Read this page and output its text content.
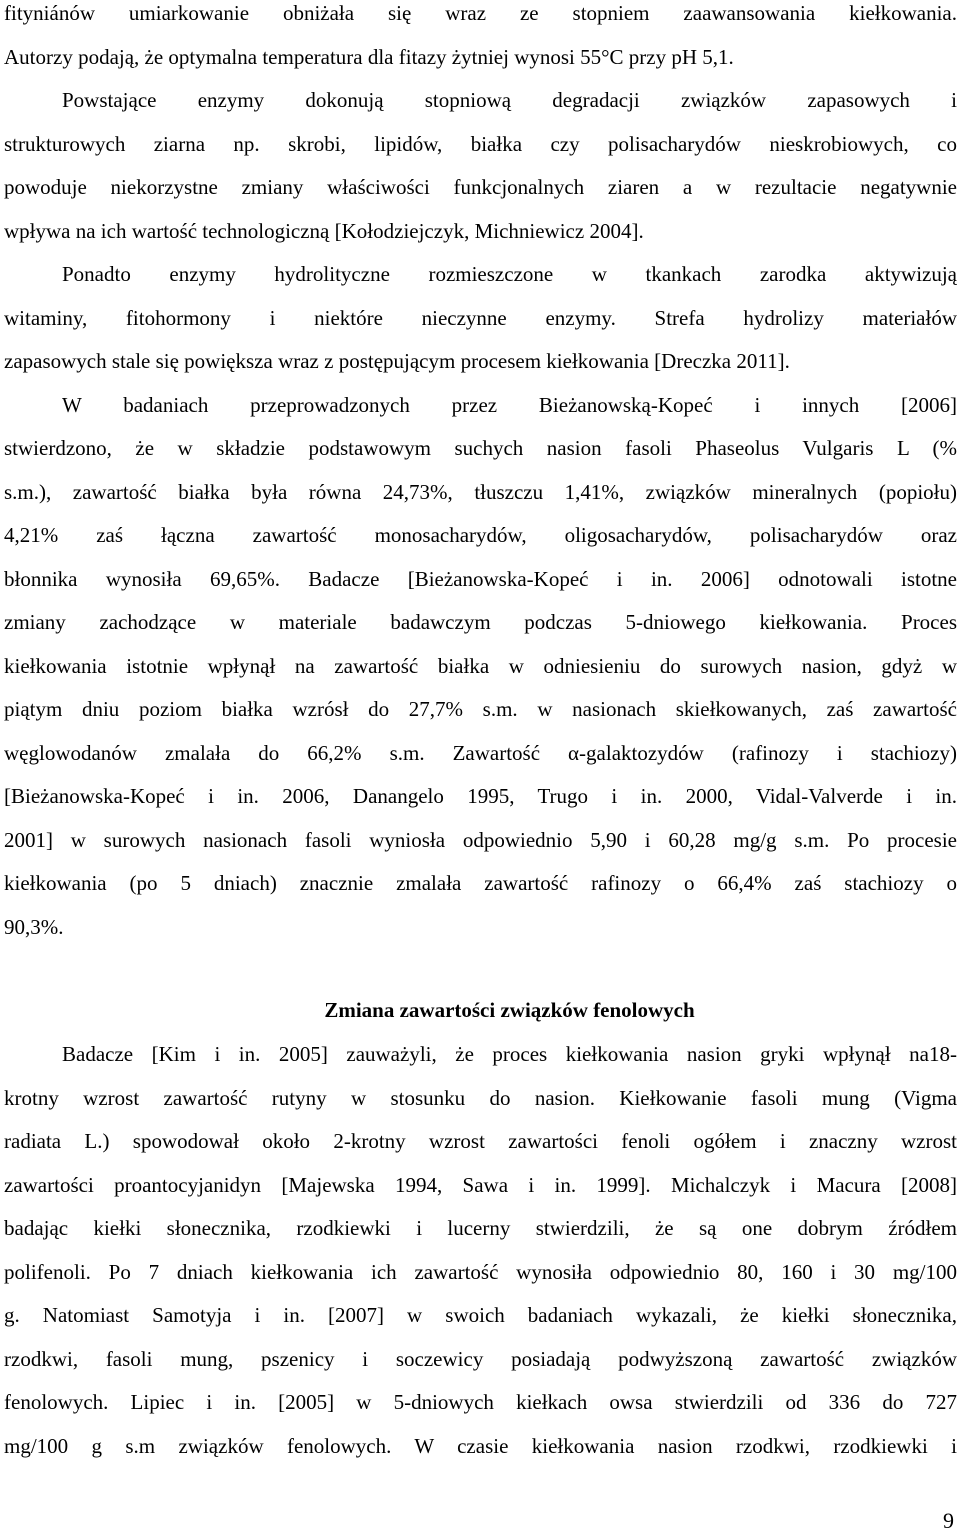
fityniánów umiarkowanie obniżała się wraz ze stopniem zaawansowania kiełkowania.
Autorzy podają, że optymalna temperatura dla fitazy żytniej wynosi 55°C przy pH 5,1.
Powstające enzymy dokonują stopniową degradacji związków zapasowych i
strukturowych ziarna np. skrobi, lipidów, białka czy polisacharydów nieskrobiowych, co
powoduje niekorzystne zmiany właściwości funkcjonalnych ziaren a w rezultacie negatywnie
wpływa na ich wartość technologiczną [Kołodziejczyk, Michniewicz 2004].
Ponadto enzymy hydrolityczne rozmieszczone w tkankach zarodka aktywizują
witaminy, fitohormony i niektóre nieczynne enzymy. Strefa hydrolizy materiałów
zapasowych stale się powiększa wraz z postępującym procesem kiełkowania [Dreczka 2011].
W badaniach przeprowadzonych przez Bieżanowską-Kopeć i innych [2006]
stwierdzono, że w składzie podstawowym suchych nasion fasoli Phaseolus Vulgaris L (%
s.m.), zawartość białka była równa 24,73%, tłuszczu 1,41%, związków mineralnych (popiołu)
4,21% zaś łączna zawartość monosacharydów, oligosacharydów, polisacharydów oraz
błonnika wynosiła 69,65%. Badacze [Bieżanowska-Kopeć i in. 2006] odnotowali istotne
zmiany zachodzące w materiale badawczym podczas 5-dniowego kiełkowania. Proces
kiełkowania istotnie wpłynął na zawartość białka w odniesieniu do surowych nasion, gdyż w
piątym dniu poziom białka wzrósł do 27,7% s.m. w nasionach skiełkowanych, zaś zawartość
węglowodanów zmalała do 66,2% s.m. Zawartość α-galaktozydów (rafinozy i stachiozy)
[Bieżanowska-Kopeć i in. 2006, Danangelo 1995, Trugo i in. 2000, Vidal-Valverde i in.
2001] w surowych nasionach fasoli wyniosła odpowiednio 5,90 i 60,28 mg/g s.m. Po procesie
kiełkowania (po 5 dniach) znacznie zmalała zawartość rafinozy o 66,4% zaś stachiozy o
90,3%.
Zmiana zawartości związków fenolowych
Badacze [Kim i in. 2005] zauważyli, że proces kiełkowania nasion gryki wpłynął na18-
krotny wzrost zawartość rutyny w stosunku do nasion. Kiełkowanie fasoli mung (Vigma
radiata L.) spowodował około 2-krotny wzrost zawartości fenoli ogółem i znaczny wzrost
zawartości proantocyjanidyn [Majewska 1994, Sawa i in. 1999]. Michalczyk i Macura [2008]
badając kiełki słonecznika, rzodkiewki i lucerny stwierdzili, że są one dobrym źródłem
polifenoli. Po 7 dniach kiełkowania ich zawartość wynosiła odpowiednio 80, 160 i 30 mg/100
g. Natomiast Samotyja i in. [2007] w swoich badaniach wykazali, że kiełki słonecznika,
rzodkwi, fasoli mung, pszenicy i soczewicy posiadają podwyższoną zawartość związków
fenolowych. Lipiec i in. [2005] w 5-dniowych kiełkach owsa stwierdzili od 336 do 727
mg/100 g s.m związków fenolowych. W czasie kiełkowania nasion rzodkwi, rzodkiewki i
9
